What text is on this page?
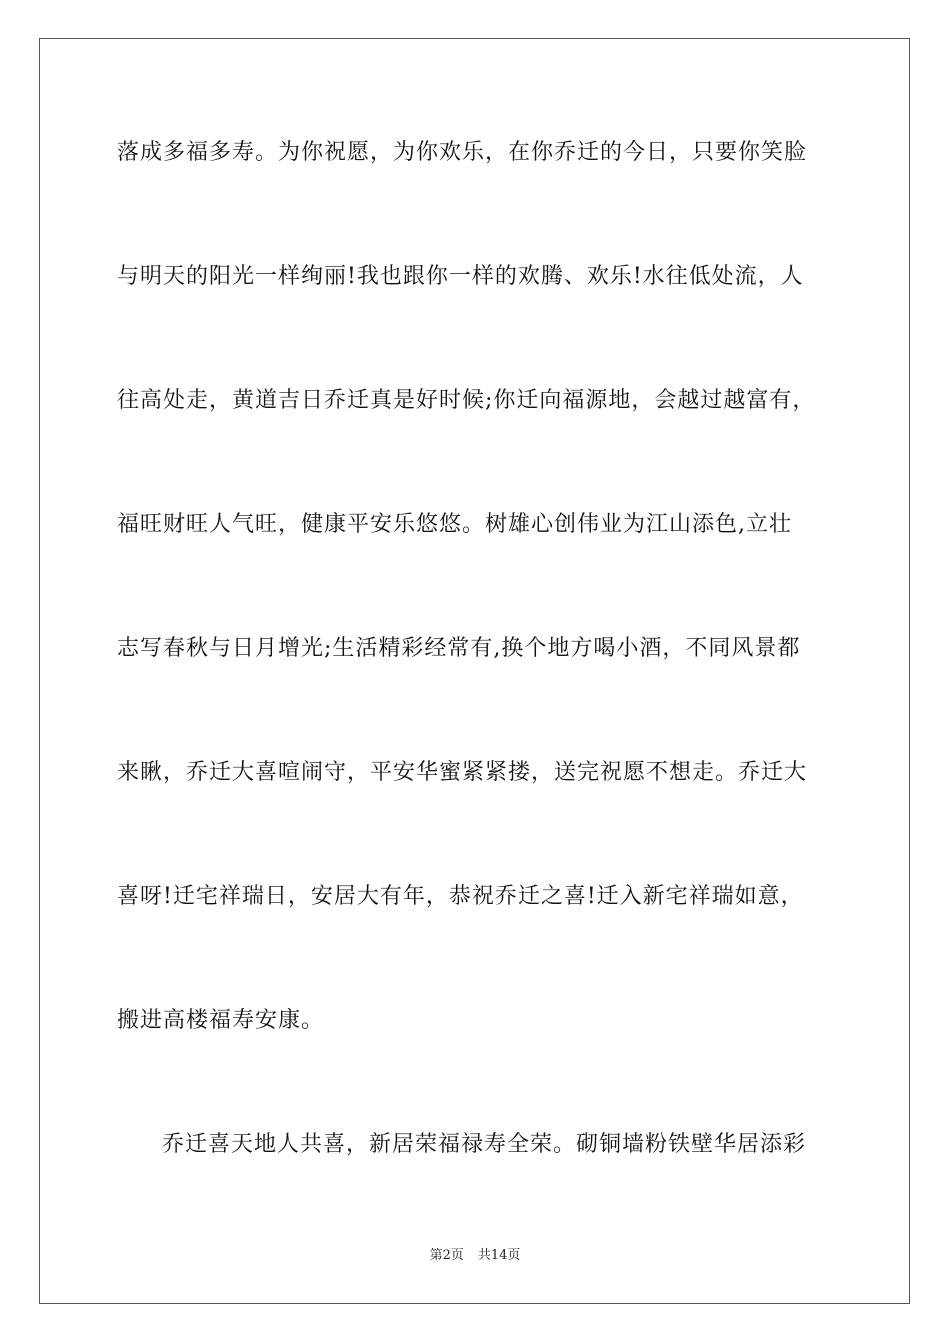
落成多福多寿。为你祝愿，为你欢乐，在你乔迁的今日，只要你笑脸
与明天的阳光一样绚丽!我也跟你一样的欢腾、欢乐!水往低处流，人
往高处走，黄道吉日乔迁真是好时候;你迁向福源地，会越过越富有，
福旺财旺人气旺，健康平安乐悠悠。树雄心创伟业为江山添色,立壮
志写春秋与日月增光;生活精彩经常有,换个地方喝小酒，不同风景都
来瞅，乔迁大喜喧闹守，平安华蜜紧紧搂，送完祝愿不想走。乔迁大
喜呀!迁宅祥瑞日，安居大有年，恭祝乔迁之喜!迁入新宅祥瑞如意，
搬进高楼福寿安康。
乔迁喜天地人共喜，新居荣福禄寿全荣。砌铜墙粉铁壁华居添彩
第2页 共14页
